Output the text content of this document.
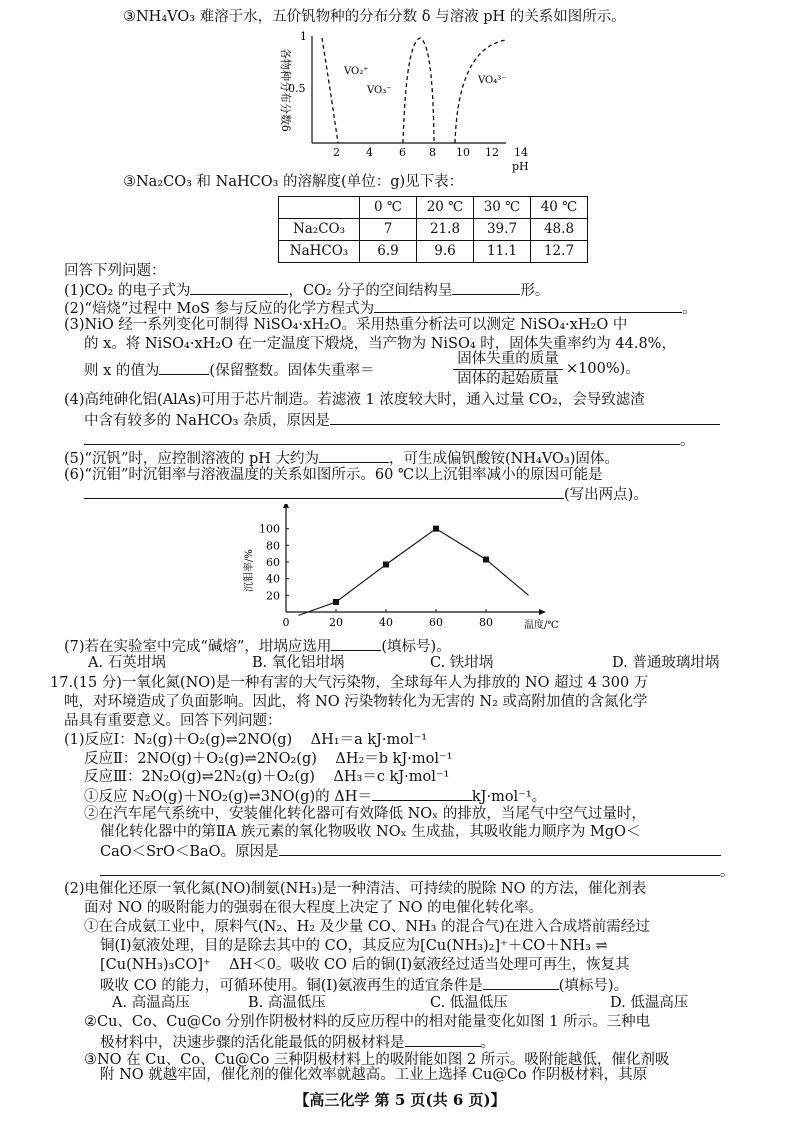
③NH₄VO₃ 难溶于水，五价钒物种的分布分数 δ 与溶液 pH 的关系如图所示。
各物种分布分数δ
1
0.5
2 4 6 8 10 12 14
pH
VO₂⁺
VO₃⁻
VO₄³⁻
③Na₂CO₃ 和 NaHCO₃ 的溶解度(单位：g)见下表：
	0 ℃	20 ℃	30 ℃	40 ℃
Na₂CO₃	7	21.8	39.7	48.8
NaHCO₃	6.9	9.6	11.1	12.7
回答下列问题：
(1)CO₂ 的电子式为	，CO₂ 分子的空间结构呈	形。
(2)“焙烧”过程中 MoS 参与反应的化学方程式为	。
(3)NiO 经一系列变化可制得 NiSO₄·xH₂O。采用热重分析法可以测定 NiSO₄·xH₂O 中
的 x。将 NiSO₄·xH₂O 在一定温度下煅烧，当产物为 NiSO₄ 时，固体失重率约为 44.8%，
则 x 的值为	(保留整数。固体失重率＝
固体失重的质量
固体的起始质量
×100%)。
(4)高纯砷化铝(AlAs)可用于芯片制造。若滤液 1 浓度较大时，通入过量 CO₂，会导致滤渣
中含有较多的 NaHCO₃ 杂质，原因是
。
(5)“沉钒”时，应控制溶液的 pH 大约为	，可生成偏钒酸铵(NH₄VO₃)固体。
(6)“沉钼”时沉钼率与溶液温度的关系如图所示。60 ℃以上沉钼率减小的原因可能是
(写出两点)。
20
40
60
80
100
0	20	40	60	80	温度/℃
沉钼率/%
(7)若在实验室中完成“碱熔”，坩埚应选用	(填标号)。
A. 石英坩埚	B. 氧化铝坩埚	C. 铁坩埚	D. 普通玻璃坩埚
17.(15 分)一氧化氮(NO)是一种有害的大气污染物，全球每年人为排放的 NO 超过 4 300 万
吨，对环境造成了负面影响。因此，将 NO 污染物转化为无害的 N₂ 或高附加值的含氮化学
品具有重要意义。回答下列问题：
(1)反应Ⅰ：N₂(g)＋O₂(g)⇌2NO(g)    ΔH₁＝a kJ·mol⁻¹
反应Ⅱ：2NO(g)＋O₂(g)⇌2NO₂(g)    ΔH₂＝b kJ·mol⁻¹
反应Ⅲ：2N₂O(g)⇌2N₂(g)＋O₂(g)    ΔH₃＝c kJ·mol⁻¹
①反应 N₂O(g)＋NO₂(g)⇌3NO(g)的 ΔH＝	kJ·mol⁻¹。
②在汽车尾气系统中，安装催化转化器可有效降低 NOₓ 的排放，当尾气中空气过量时，
催化转化器中的第ⅡA 族元素的氧化物吸收 NOₓ 生成盐，其吸收能力顺序为 MgO＜
CaO＜SrO＜BaO。原因是
。
(2)电催化还原一氧化氮(NO)制氨(NH₃)是一种清洁、可持续的脱除 NO 的方法，催化剂表
面对 NO 的吸附能力的强弱在很大程度上决定了 NO 的电催化转化率。
①在合成氨工业中，原料气(N₂、H₂ 及少量 CO、NH₃ 的混合气)在进入合成塔前需经过
铜(Ⅰ)氨液处理，目的是除去其中的 CO，其反应为[Cu(NH₃)₂]⁺＋CO＋NH₃ ⇌
[Cu(NH₃)₃CO]⁺    ΔH＜0。吸收 CO 后的铜(Ⅰ)氨液经过适当处理可再生，恢复其
吸收 CO 的能力，可循环使用。铜(Ⅰ)氨液再生的适宜条件是	(填标号)。
A. 高温高压	B. 高温低压	C. 低温低压	D. 低温高压
②Cu、Co、Cu@Co 分别作阴极材料的反应历程中的相对能量变化如图 1 所示。三种电
极材料中，决速步骤的活化能最低的阴极材料是	。
③NO 在 Cu、Co、Cu@Co 三种阴极材料上的吸附能如图 2 所示。吸附能越低，催化剂吸
附 NO 就越牢固，催化剂的催化效率就越高。工业上选择 Cu@Co 作阴极材料，其原
【高三化学 第 5 页(共 6 页)】
